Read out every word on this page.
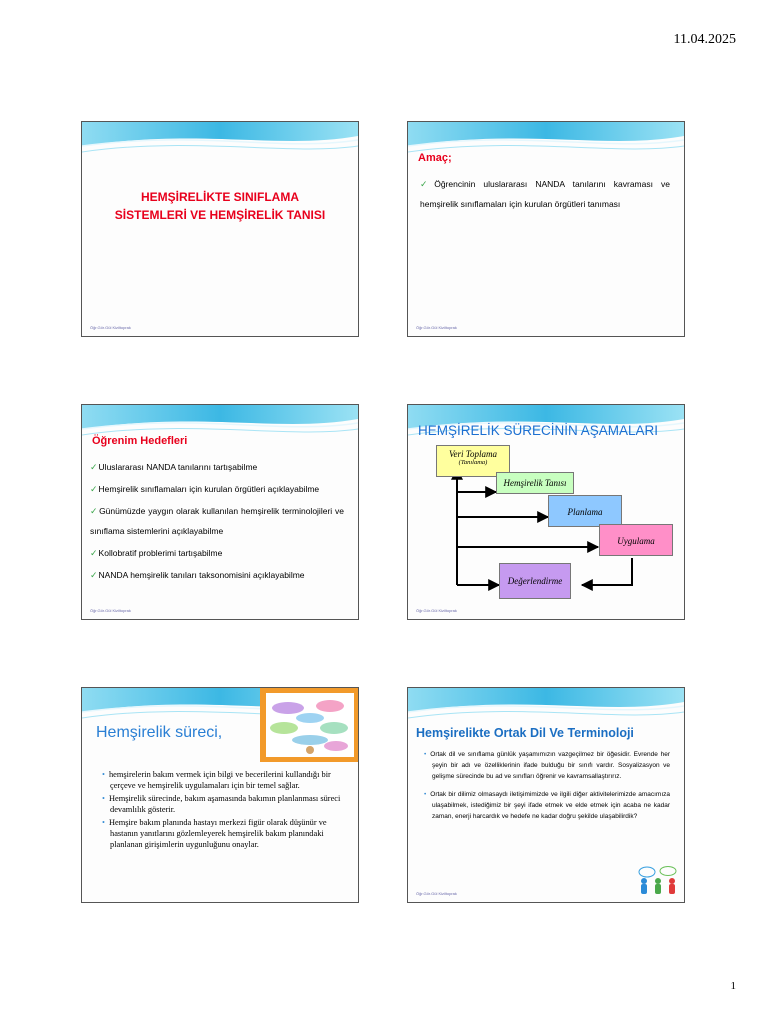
11.04.2025
HEMŞİRELİKTE SINIFLAMA
SİSTEMLERİ VE HEMŞİRELİK TANISI
Öğr.Gör.Gül Kiziltoprak
Amaç;
✓Öğrencinin uluslararası NANDA tanılarını kavraması ve hemşirelik sınıflamaları için kurulan örgütleri tanıması
Öğr.Gör.Gül Kiziltoprak
Öğrenim Hedefleri
✓Uluslararası NANDA tanılarını tartışabilme
✓Hemşirelik sınıflamaları için kurulan örgütleri açıklayabilme
✓Günümüzde yaygın olarak kullanılan hemşirelik terminolojileri ve sınıflama sistemlerini açıklayabilme
✓Kollobratif problerimi tartışabilme
✓NANDA hemşirelik tanıları taksonomisini açıklayabilme
Öğr.Gör.Gül Kiziltoprak
HEMŞİRELİK SÜRECİNİN AŞAMALARI
Veri Toplama
(Tanılama)
Hemşirelik Tanısı
Planlama
Uygulama
Değerlendirme
Öğr.Gör.Gül Kiziltoprak
Hemşirelik süreci,
• hemşirelerin bakım vermek için bilgi ve becerilerini kullandığı bir çerçeve ve hemşirelik uygulamaları için bir temel sağlar.
• Hemşirelik sürecinde, bakım aşamasında bakımın planlanması süreci devamlılık gösterir.
• Hemşire bakım planında hastayı merkezi figür olarak düşünür ve hastanın yanıtlarını gözlemleyerek hemşirelik bakım planındaki planlanan girişimlerin uygunluğunu onaylar.
Hemşirelikte Ortak Dil Ve Terminoloji
• Ortak dil ve sınıflama günlük yaşamımızın vazgeçilmez bir öğesidir. Evrende her şeyin bir adı ve özelliklerinin ifade bulduğu bir sınıfı vardır. Sosyalizasyon ve gelişme sürecinde bu ad ve sınıfları öğrenir ve kavramsallaştırırız.
• Ortak bir dilimiz olmasaydı iletişimimizde ve ilgili diğer aktivitelerimizde amacımıza ulaşabilmek, istediğimiz bir şeyi ifade etmek ve elde etmek için acaba ne kadar zaman, enerji harcardık ve hedefe ne kadar doğru şekilde ulaşabilirdik?
Öğr.Gör.Gül Kiziltoprak
1
